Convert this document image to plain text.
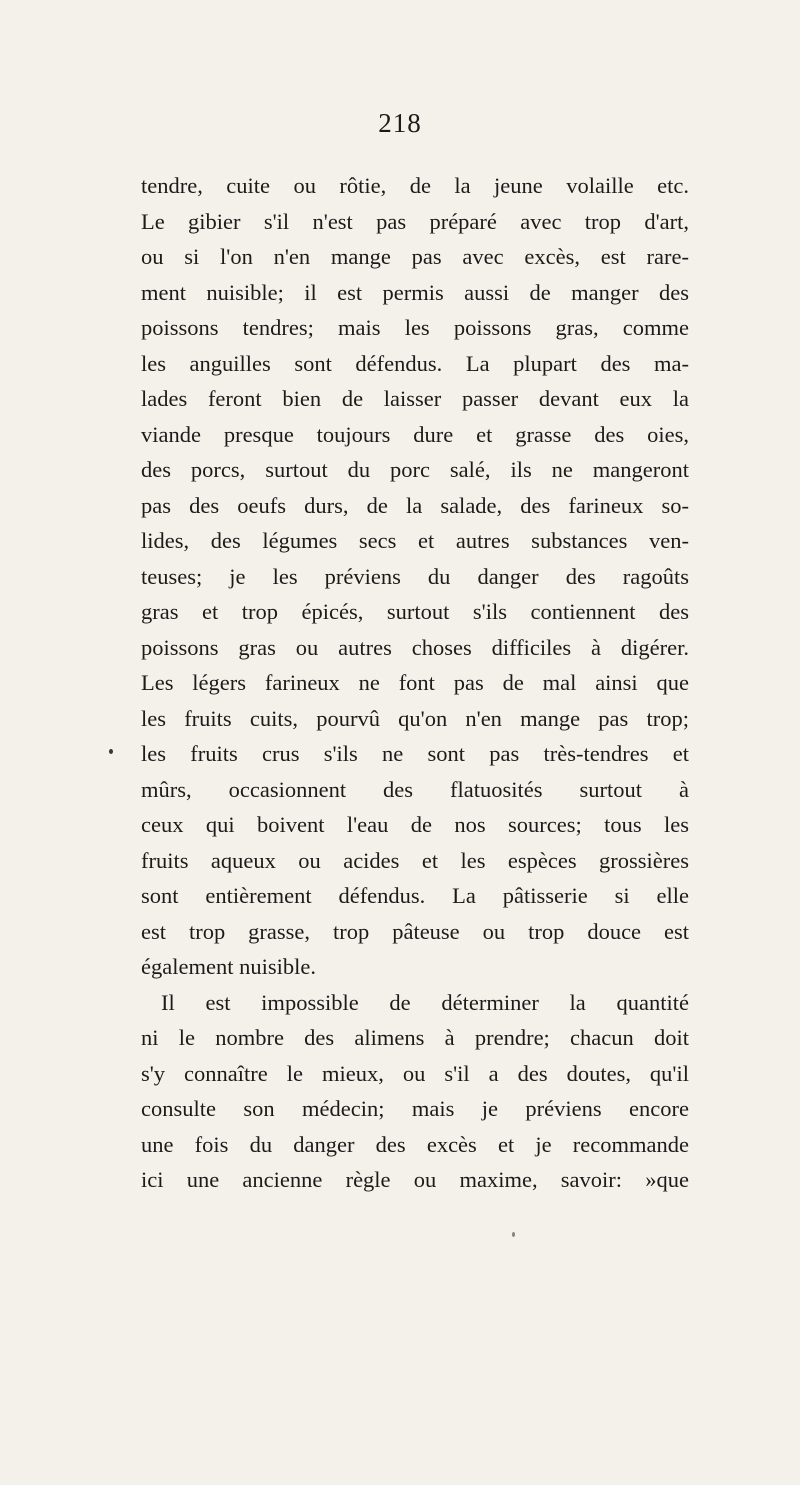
218
tendre, cuite ou rôtie, de la jeune volaille etc.
Le gibier s'il n'est pas préparé avec trop d'art,
ou si l'on n'en mange pas avec excès, est rare-
ment nuisible; il est permis aussi de manger des
poissons tendres; mais les poissons gras, comme
les anguilles sont défendus. La plupart des ma-
lades feront bien de laisser passer devant eux la
viande presque toujours dure et grasse des oies,
des porcs, surtout du porc salé, ils ne mangeront
pas des oeufs durs, de la salade, des farineux so-
lides, des légumes secs et autres substances ven-
teuses; je les préviens du danger des ragoûts
gras et trop épicés, surtout s'ils contiennent des
poissons gras ou autres choses difficiles à digérer.
Les légers farineux ne font pas de mal ainsi que
les fruits cuits, pourvû qu'on n'en mange pas trop;
les fruits crus s'ils ne sont pas très-tendres et
mûrs, occasionnent des flatuosités surtout à
ceux qui boivent l'eau de nos sources; tous les
fruits aqueux ou acides et les espèces grossières
sont entièrement défendus. La pâtisserie si elle
est trop grasse, trop pâteuse ou trop douce est
également nuisible.
Il est impossible de déterminer la quantité
ni le nombre des alimens à prendre; chacun doit
s'y connaître le mieux, ou s'il a des doutes, qu'il
consulte son médecin; mais je préviens encore
une fois du danger des excès et je recommande
ici une ancienne règle ou maxime, savoir: »que
